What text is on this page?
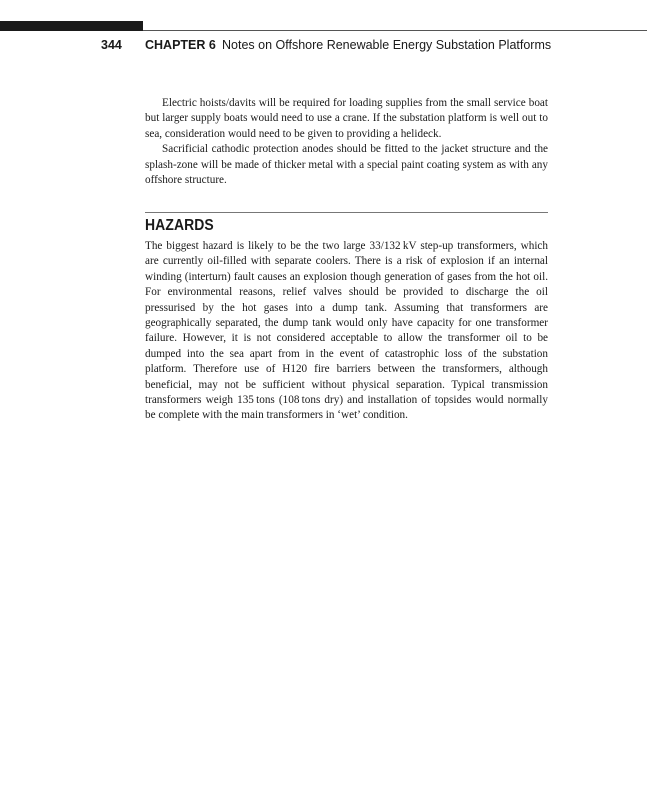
344 CHAPTER 6 Notes on Offshore Renewable Energy Substation Platforms

Electric hoists/davits will be required for loading supplies from the small service boat but larger supply boats would need to use a crane. If the substation platform is well out to sea, consideration would need to be given to providing a helideck.

Sacrificial cathodic protection anodes should be fitted to the jacket structure and the splash-zone will be made of thicker metal with a special paint coating system as with any offshore structure.

HAZARDS

The biggest hazard is likely to be the two large 33/132 kV step-up transformers, which are currently oil-filled with separate coolers. There is a risk of explosion if an internal winding (interturn) fault causes an explosion though generation of gases from the hot oil. For environmental reasons, relief valves should be provided to discharge the oil pressurised by the hot gases into a dump tank. Assuming that transformers are geographically separated, the dump tank would only have capacity for one transformer failure. However, it is not considered acceptable to allow the transformer oil to be dumped into the sea apart from in the event of catastrophic loss of the substation platform. Therefore use of H120 fire barriers between the transformers, although beneficial, may not be sufficient without physical separation. Typical transmission transformers weigh 135 tons (108 tons dry) and installation of topsides would normally be complete with the main transformers in ‘wet’ condition.
